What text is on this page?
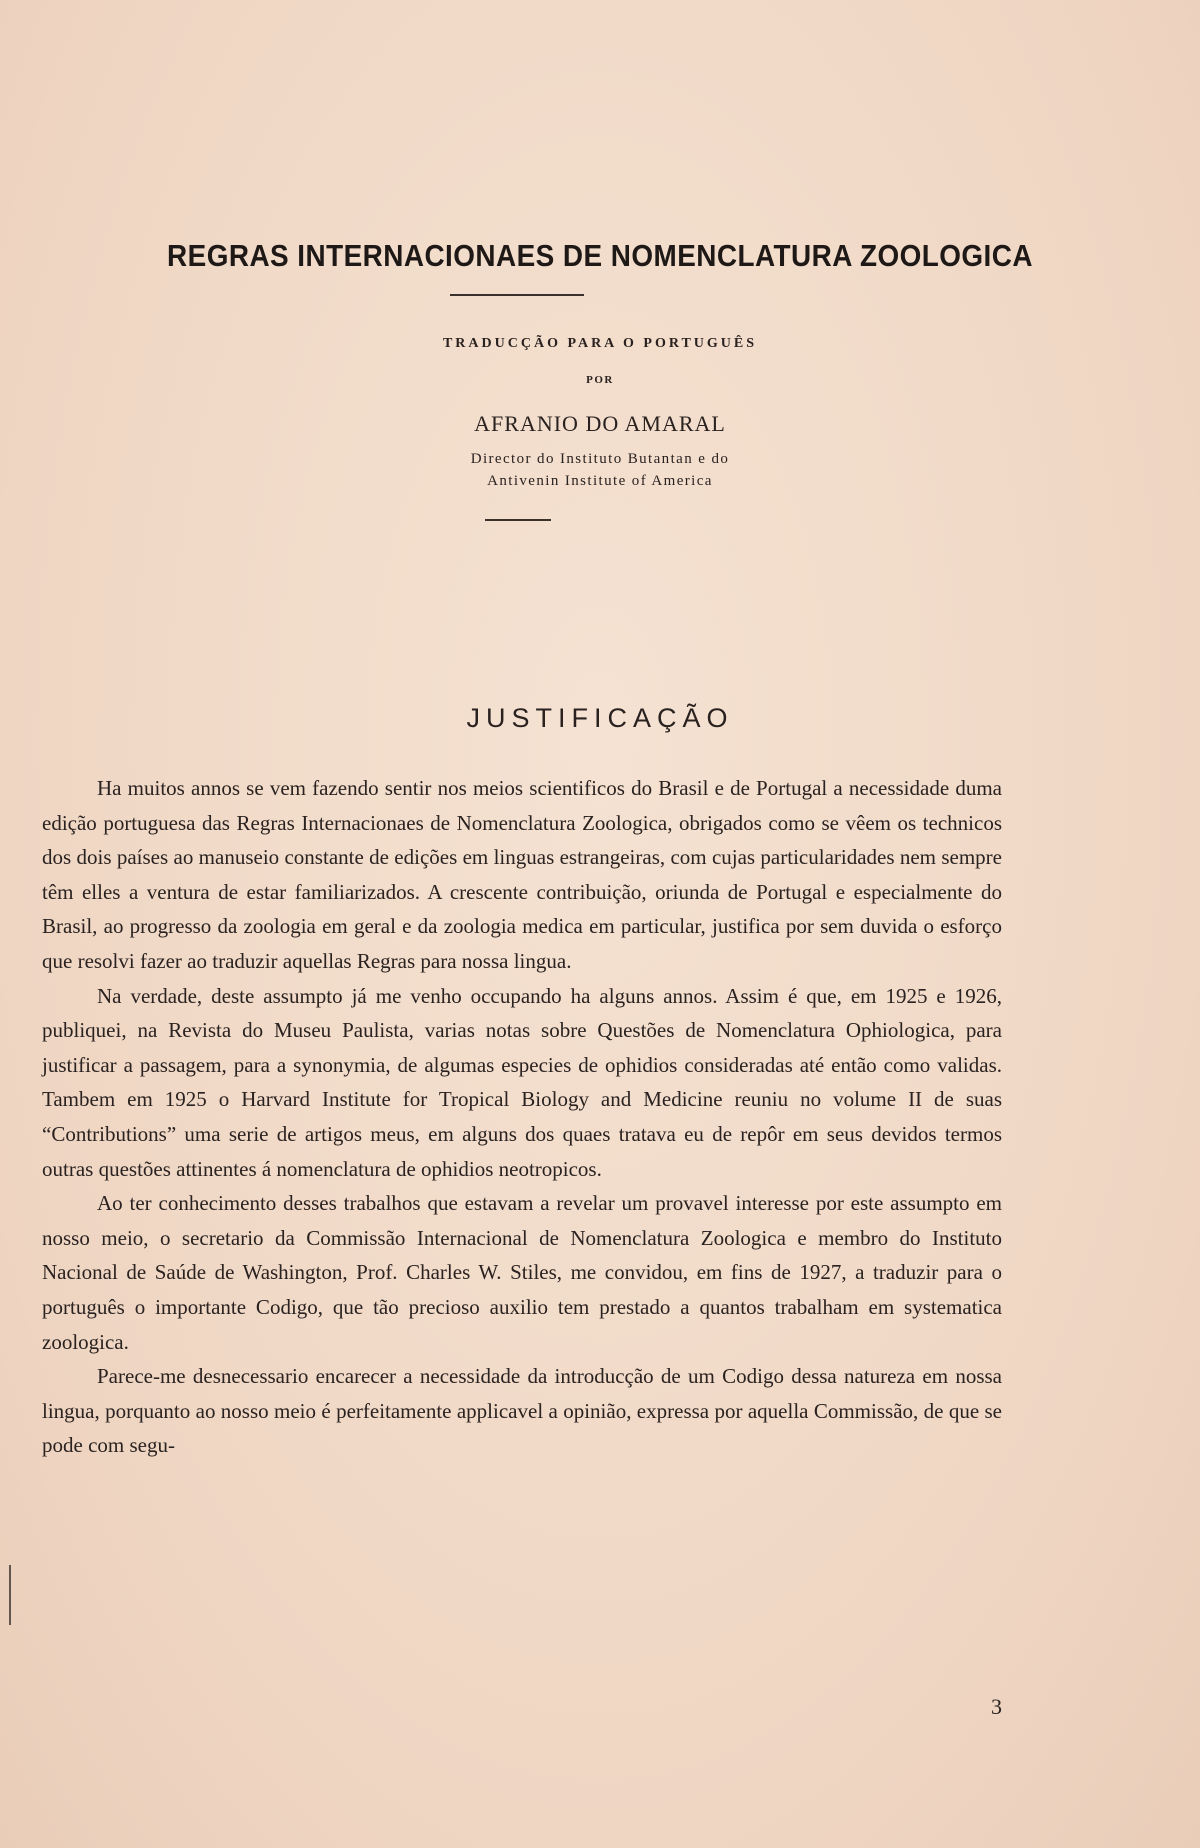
REGRAS INTERNACIONAES DE NOMENCLATURA ZOOLOGICA
TRADUCÇÃO PARA O PORTUGUÊS
POR
AFRANIO DO AMARAL
Director do Instituto Butantan e do
Antivenin Institute of America
JUSTIFICAÇÃO

Ha muitos annos se vem fazendo sentir nos meios scientificos do Brasil e de Portugal a necessidade duma edição portuguesa das Regras Internacionaes de Nomenclatura Zoologica, obrigados como se vêem os technicos dos dois países ao manuseio constante de edições em linguas estrangeiras, com cujas particularidades nem sempre têm elles a ventura de estar familiarizados. A crescente contribuição, oriunda de Portugal e especialmente do Brasil, ao progresso da zoologia em geral e da zoologia medica em particular, justifica por sem duvida o esforço que resolvi fazer ao traduzir aquellas Regras para nossa lingua.

Na verdade, deste assumpto já me venho occupando ha alguns annos. Assim é que, em 1925 e 1926, publiquei, na Revista do Museu Paulista, varias notas sobre Questões de Nomenclatura Ophiologica, para justificar a passagem, para a synonymia, de algumas especies de ophidios consideradas até então como validas. Tambem em 1925 o Harvard Institute for Tropical Biology and Medicine reuniu no volume II de suas “Contributions” uma serie de artigos meus, em alguns dos quaes tratava eu de repôr em seus devidos termos outras questões attinentes á nomenclatura de ophidios neotropicos.

Ao ter conhecimento desses trabalhos que estavam a revelar um provavel interesse por este assumpto em nosso meio, o secretario da Commissão Internacional de Nomenclatura Zoologica e membro do Instituto Nacional de Saúde de Washington, Prof. Charles W. Stiles, me convidou, em fins de 1927, a traduzir para o português o importante Codigo, que tão precioso auxilio tem prestado a quantos trabalham em systematica zoologica.

Parece-me desnecessario encarecer a necessidade da introducção de um Codigo dessa natureza em nossa lingua, porquanto ao nosso meio é perfeitamente applicavel a opinião, expressa por aquella Commissão, de que se pode com segu-

3
